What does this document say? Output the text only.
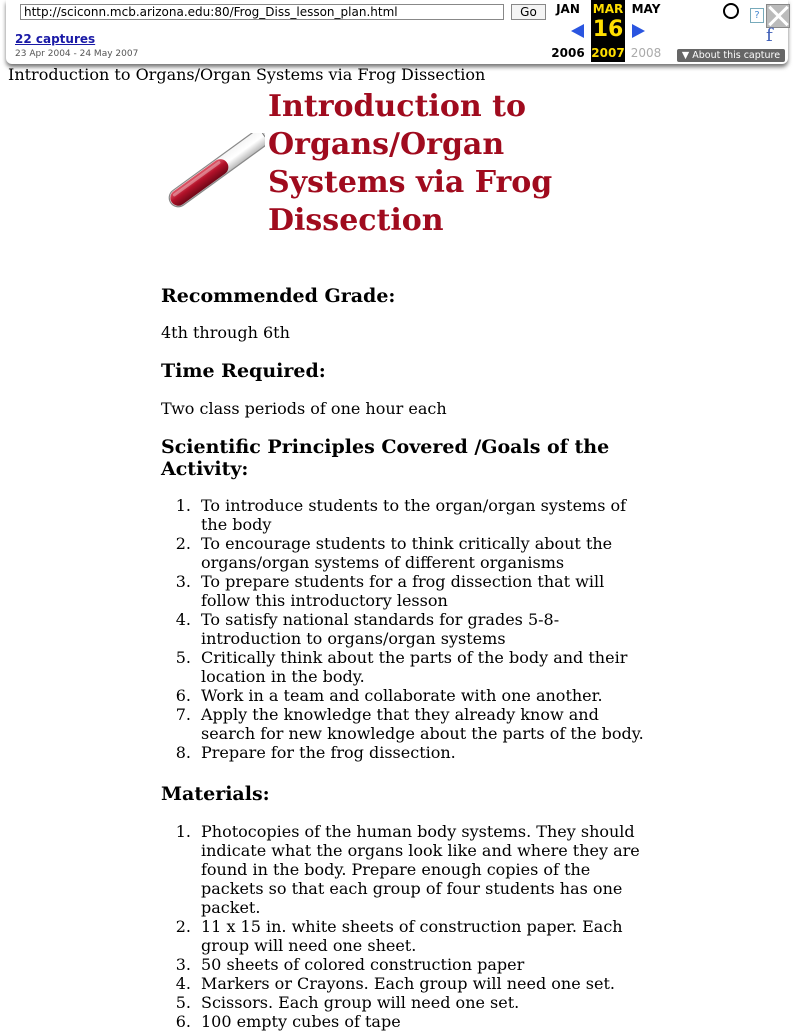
http://sciconn.mcb.arizona.edu:80/Frog_Diss_lesson_plan.html
Go
22 captures
23 Apr 2004 - 24 May 2007
JAN
2006
MAR
16
2007
MAY
2008
?
f
▼ About this capture
Introduction to Organs/Organ Systems via Frog Dissection
Introduction to Organs/Organ Systems via Frog Dissection
Recommended Grade:

4th through 6th

Time Required:

Two class periods of one hour each

Scientific Principles Covered /Goals of the Activity:
1. To introduce students to the organ/organ systems of the body
2. To encourage students to think critically about the organs/organ systems of different organisms
3. To prepare students for a frog dissection that will follow this introductory lesson
4. To satisfy national standards for grades 5-8- introduction to organs/organ systems
5. Critically think about the parts of the body and their location in the body.
6. Work in a team and collaborate with one another.
7. Apply the knowledge that they already know and search for new knowledge about the parts of the body.
8. Prepare for the frog dissection.
Materials:
1. Photocopies of the human body systems. They should indicate what the organs look like and where they are found in the body. Prepare enough copies of the packets so that each group of four students has one packet.
2. 11 x 15 in. white sheets of construction paper. Each group will need one sheet.
3. 50 sheets of colored construction paper
4. Markers or Crayons. Each group will need one set.
5. Scissors. Each group will need one set.
6. 100 empty cubes of tape
